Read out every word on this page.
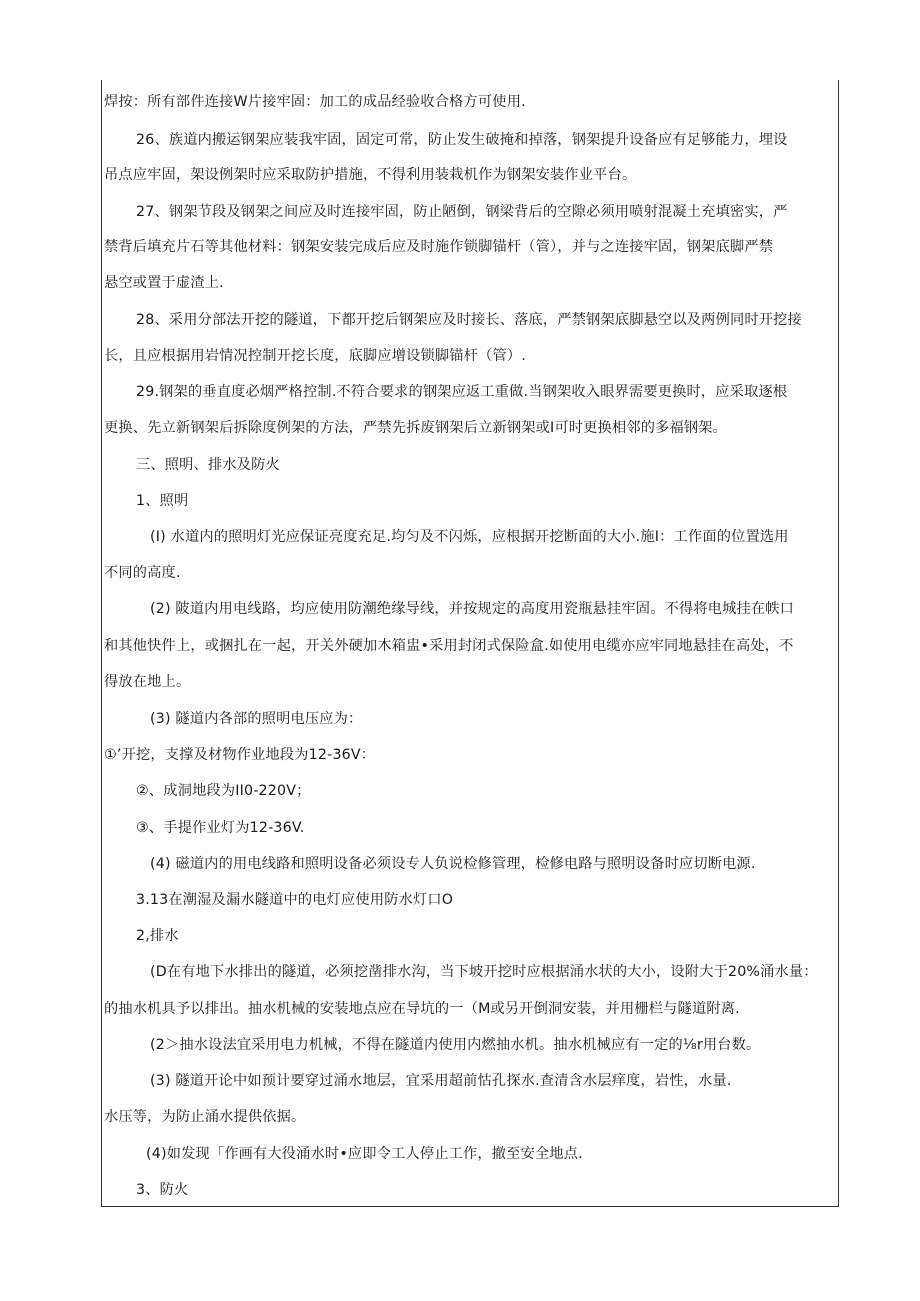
焊按：所有部件连接W片接牢固：加工的成品经验收合格方可使用.
26、族道内搬运钢架应装我牢固，固定可常，防止发生破掩和掉落，钢架提升设备应有足够能力，埋设
吊点应牢固，架设例架时应采取防护措施，不得利用装栽机作为钢架安装作业平台。
27、钢架节段及钢架之间应及时连接牢固，防止陋倒，钢梁背后的空隙必须用喷射混凝土充填密实，严
禁背后填充片石等其他材料：钢架安装完成后应及时施作锁脚锚杆（管），并与之连接牢固，钢架底脚严禁
悬空或置于虚渣上.
28、采用分部法开挖的隧道，下都开挖后钢架应及时接长、落底，严禁钢架底脚悬空以及两例同时开挖接
长，且应根据用岩情况控制开挖长度，底脚应增设锁脚锚杆（管）.
29.钢架的垂直度必烟严格控制.不符合要求的钢架应返工重做.当钢架收入眼界需要更换时，应采取逐根
更换、先立新钢架后拆除度例架的方法，严禁先拆废钢架后立新钢架或I可时更换相邻的多福钢架。
三、照明、排水及防火
1、照明
(I) 水道内的照明灯光应保证亮度充足.均匀及不闪烁，应根据开挖断面的大小.施I：工作面的位置选用
不同的高度.
(2) 陂道内用电线路，均应使用防潮绝缘导线，并按规定的高度用瓷瓶悬挂牢固。不得将电城挂在帙口
和其他快件上，或捆扎在一起，开关外硬加木箱盅•采用封闭式保险盒.如使用电缆亦应牢同地悬挂在高处，不
得放在地上。
(3) 隧道内各部的照明电压应为：
①’开挖，支撑及材物作业地段为12-36V：
②、成洞地段为II0-220V；
③、手提作业灯为12-36V.
(4) 磁道内的用电线路和照明设备必须设专人负说检修管理，检修电路与照明设备时应切断电源.
3.13在潮湿及漏水隧道中的电灯应使用防水灯口O
2,排水
(D在有地下水排出的隧道，必须挖凿排水沟，当下坡开挖时应根据涌水状的大小，设附大于20%涌水量：
的抽水机具予以排出。抽水机械的安装地点应在导坑的一（M或另开倒洞安装，并用栅栏与隧道附离.
(2＞抽水设法宜采用电力机械，不得在隧道内使用内燃抽水机。抽水机械应有一定的⅛r用台数。
(3) 隧道开论中如预计要穿过涌水地层，宜采用超前怙孔探水.查清含水层痒度，岩性，水量.
水压等，为防止涌水提供依据。
(4)如发现「作画有大役涌水时•应即令工人停止工作，撤至安全地点.
3、防火
